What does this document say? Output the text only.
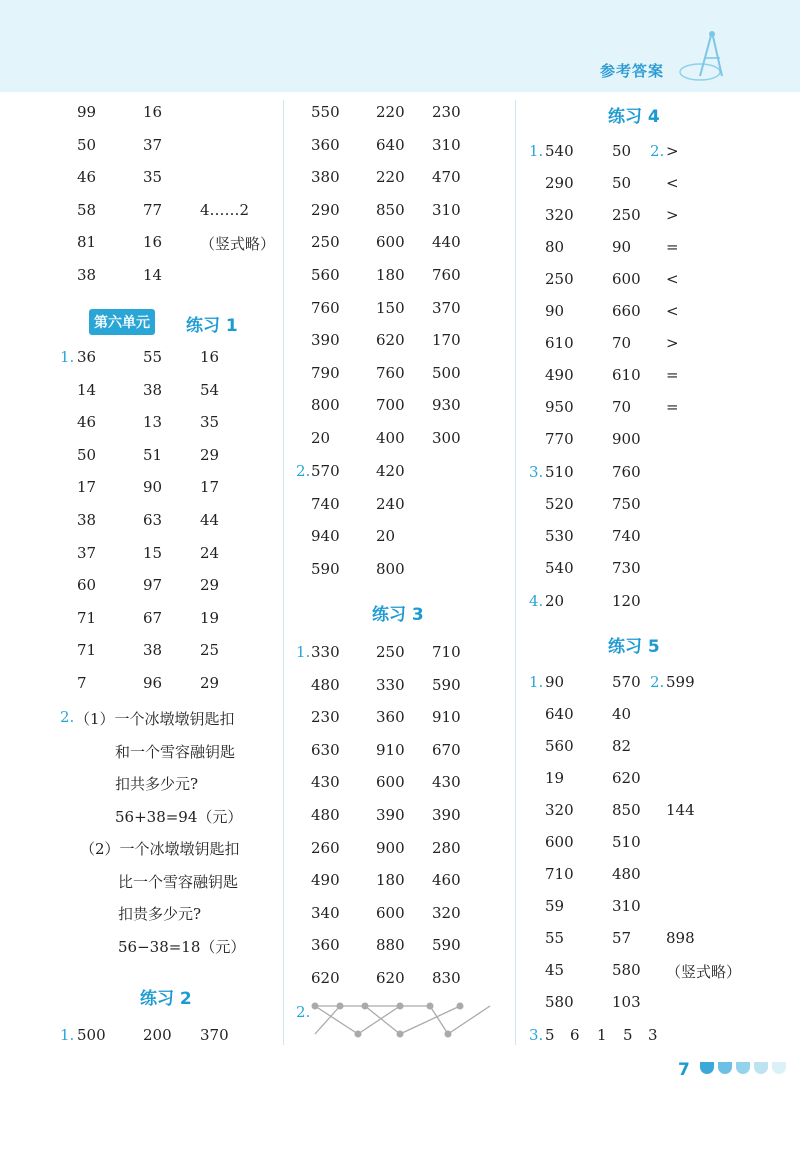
参考答案
99	16
50	37
46	35
58	77	4……2
81	16	（竖式略）
38	14
第六单元 练习 1
1. 36	55	16
14	38	54
46	13	35
50	51	29
17	90	17
38	63	44
37	15	24
60	97	29
71	67	19
71	38	25
7	96	29
2. （1）一个冰墩墩钥匙扣
和一个雪容融钥匙
扣共多少元?
56+38=94（元）
（2）一个冰墩墩钥匙扣
比一个雪容融钥匙
扣贵多少元?
56−38=18（元）
练习 2
1. 500 200 370
550 220 230
360 640 310
380 220 470
290 850 310
250 600 440
560 180 760
760 150 370
390 620 170
790 760 500
800 700 930
20	400 300
2. 570 420
740 240
940 20
590 800
练习 3
1. 330 250 710
480 330 590
230 360 910
630 910 670
430 600 430
480 390 390
260 900 280
490 180 460
340 600 320
360 880 590
620 620 830
2.
练习 4
1.	2.
540	50 >
290	50 <
320	250 >
80	90 =
250	600 <
90	660 <
610	70 >
490	610 =
950	70 =
770	900
3. 510	760
520	750
530	740
540	730
4. 20	120
练习 5
1.	2.
90	570 599
640	40
560	82
19	620
320	850 144
600	510
710	480
59	310
55	57 898
45	580 （竖式略）
580	103
3. 5 6 1 5 3
7
